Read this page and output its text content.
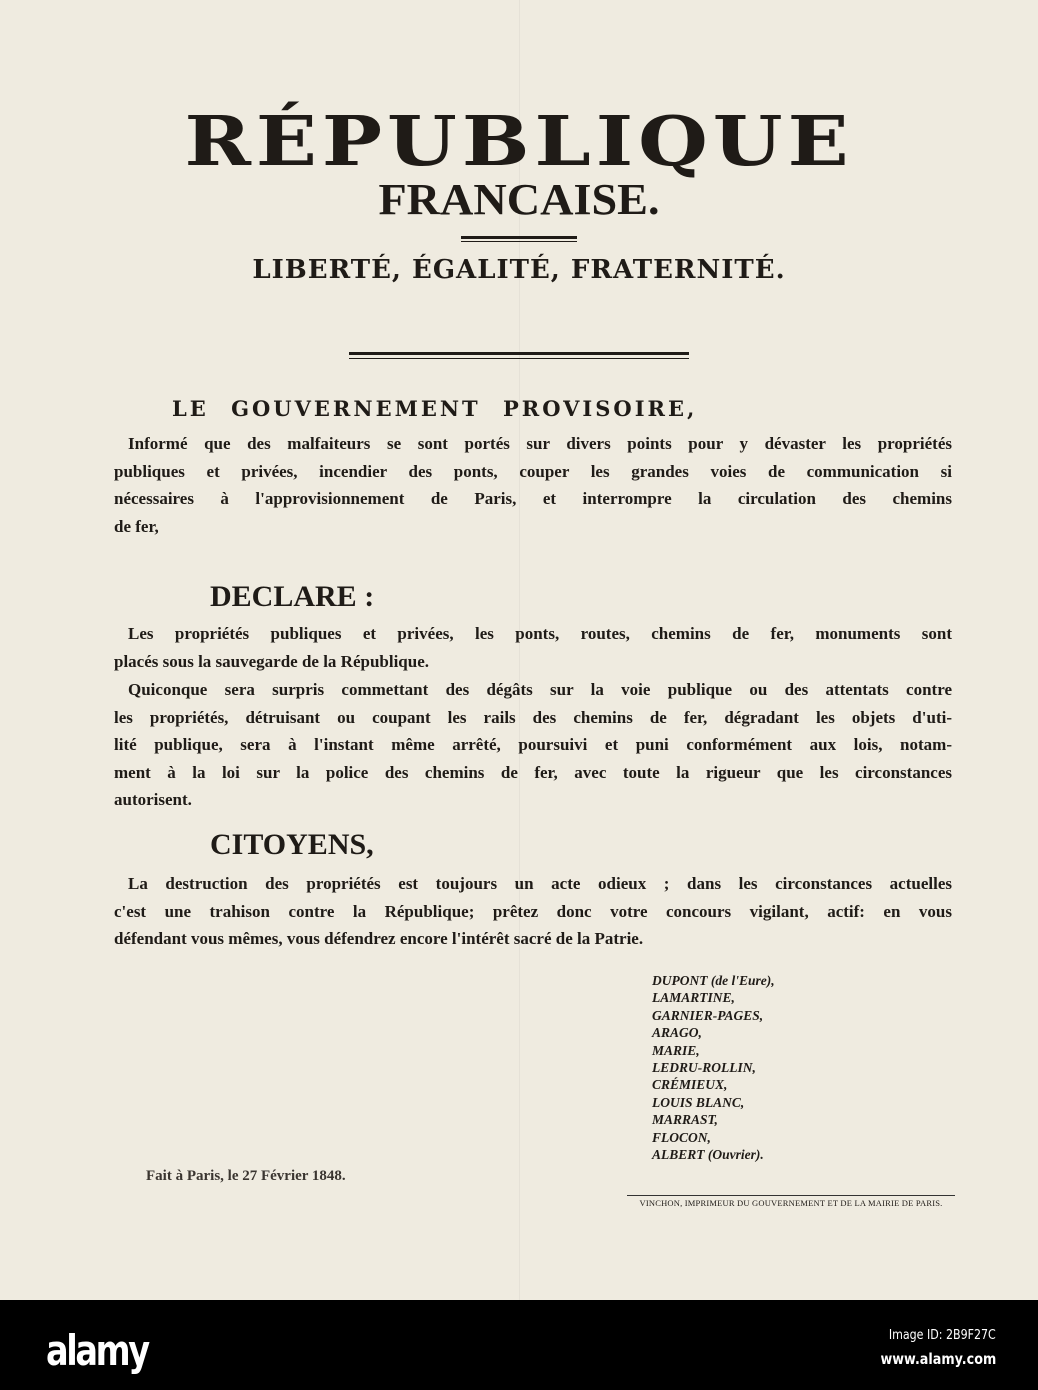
RÉPUBLIQUE
FRANCAISE.
LIBERTÉ, ÉGALITÉ, FRATERNITÉ.
LE GOUVERNEMENT PROVISOIRE,
Informé que des malfaiteurs se sont portés sur divers points pour y dévaster les propriétés
publiques et privées, incendier des ponts, couper les grandes voies de communication si
nécessaires à l'approvisionnement de Paris, et interrompre la circulation des chemins
de fer,
DECLARE :
Les propriétés publiques et privées, les ponts, routes, chemins de fer, monuments sont
placés sous la sauvegarde de la République.
Quiconque sera surpris commettant des dégâts sur la voie publique ou des attentats contre
les propriétés, détruisant ou coupant les rails des chemins de fer, dégradant les objets d'uti-
lité publique, sera à l'instant même arrêté, poursuivi et puni conformément aux lois, notam-
ment à la loi sur la police des chemins de fer, avec toute la rigueur que les circonstances
autorisent.
CITOYENS,
La destruction des propriétés est toujours un acte odieux ; dans les circonstances actuelles
c'est une trahison contre la République; prêtez donc votre concours vigilant, actif: en vous
défendant vous mêmes, vous défendrez encore l'intérêt sacré de la Patrie.
DUPONT (de l'Eure),
LAMARTINE,
GARNIER-PAGES,
ARAGO,
MARIE,
LEDRU-ROLLIN,
CRÉMIEUX,
LOUIS BLANC,
MARRAST,
FLOCON,
ALBERT (Ouvrier).
Fait à Paris, le 27 Février 1848.
VINCHON, IMPRIMEUR DU GOUVERNEMENT ET DE LA MAIRIE DE PARIS.
alamy	Image ID: 2B9F27C
www.alamy.com
